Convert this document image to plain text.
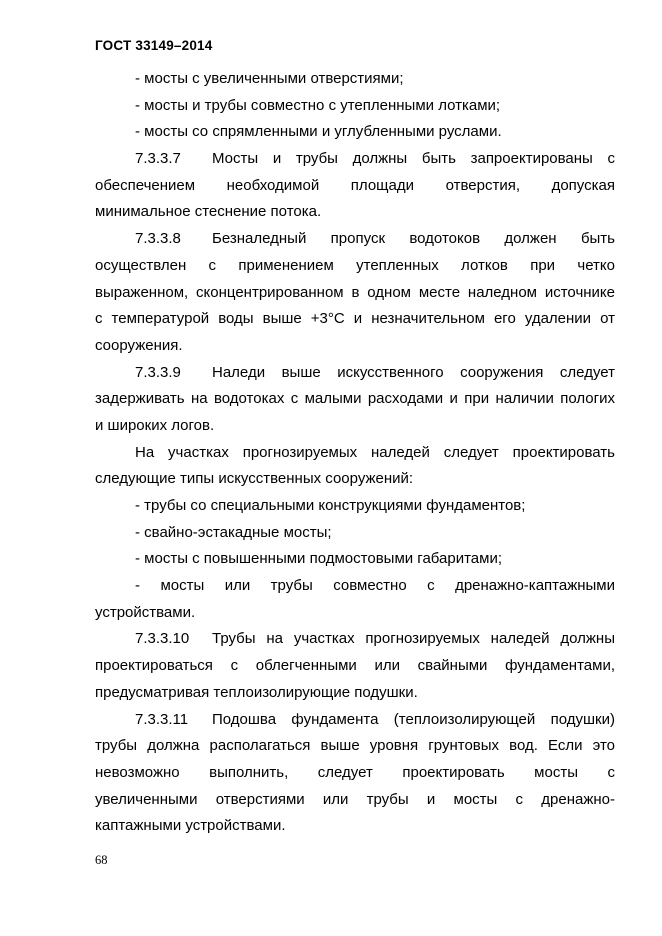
ГОСТ 33149–2014
- мосты с увеличенными отверстиями;
- мосты и трубы совместно с утепленными лотками;
- мосты со спрямленными и углубленными руслами.
7.3.3.7 Мосты и трубы должны быть запроектированы с
обеспечением необходимой площади отверстия, допуская
минимальное стеснение потока.
7.3.3.8 Безналедный пропуск водотоков должен быть
осуществлен с применением утепленных лотков при четко
выраженном, сконцентрированном в одном месте наледном источнике
с температурой воды выше +3°С и незначительном его удалении от
сооружения.
7.3.3.9 Наледи выше искусственного сооружения следует
задерживать на водотоках с малыми расходами и при наличии пологих
и широких логов.
На участках прогнозируемых наледей следует проектировать
следующие типы искусственных сооружений:
- трубы со специальными конструкциями фундаментов;
- свайно-эстакадные мосты;
- мосты с повышенными подмостовыми габаритами;
- мосты или трубы совместно с дренажно-каптажными
устройствами.
7.3.3.10 Трубы на участках прогнозируемых наледей должны
проектироваться с облегченными или свайными фундаментами,
предусматривая теплоизолирующие подушки.
7.3.3.11 Подошва фундамента (теплоизолирующей подушки)
трубы должна располагаться выше уровня грунтовых вод. Если это
невозможно выполнить, следует проектировать мосты с
увеличенными отверстиями или трубы и мосты с дренажно-
каптажными устройствами.
68
